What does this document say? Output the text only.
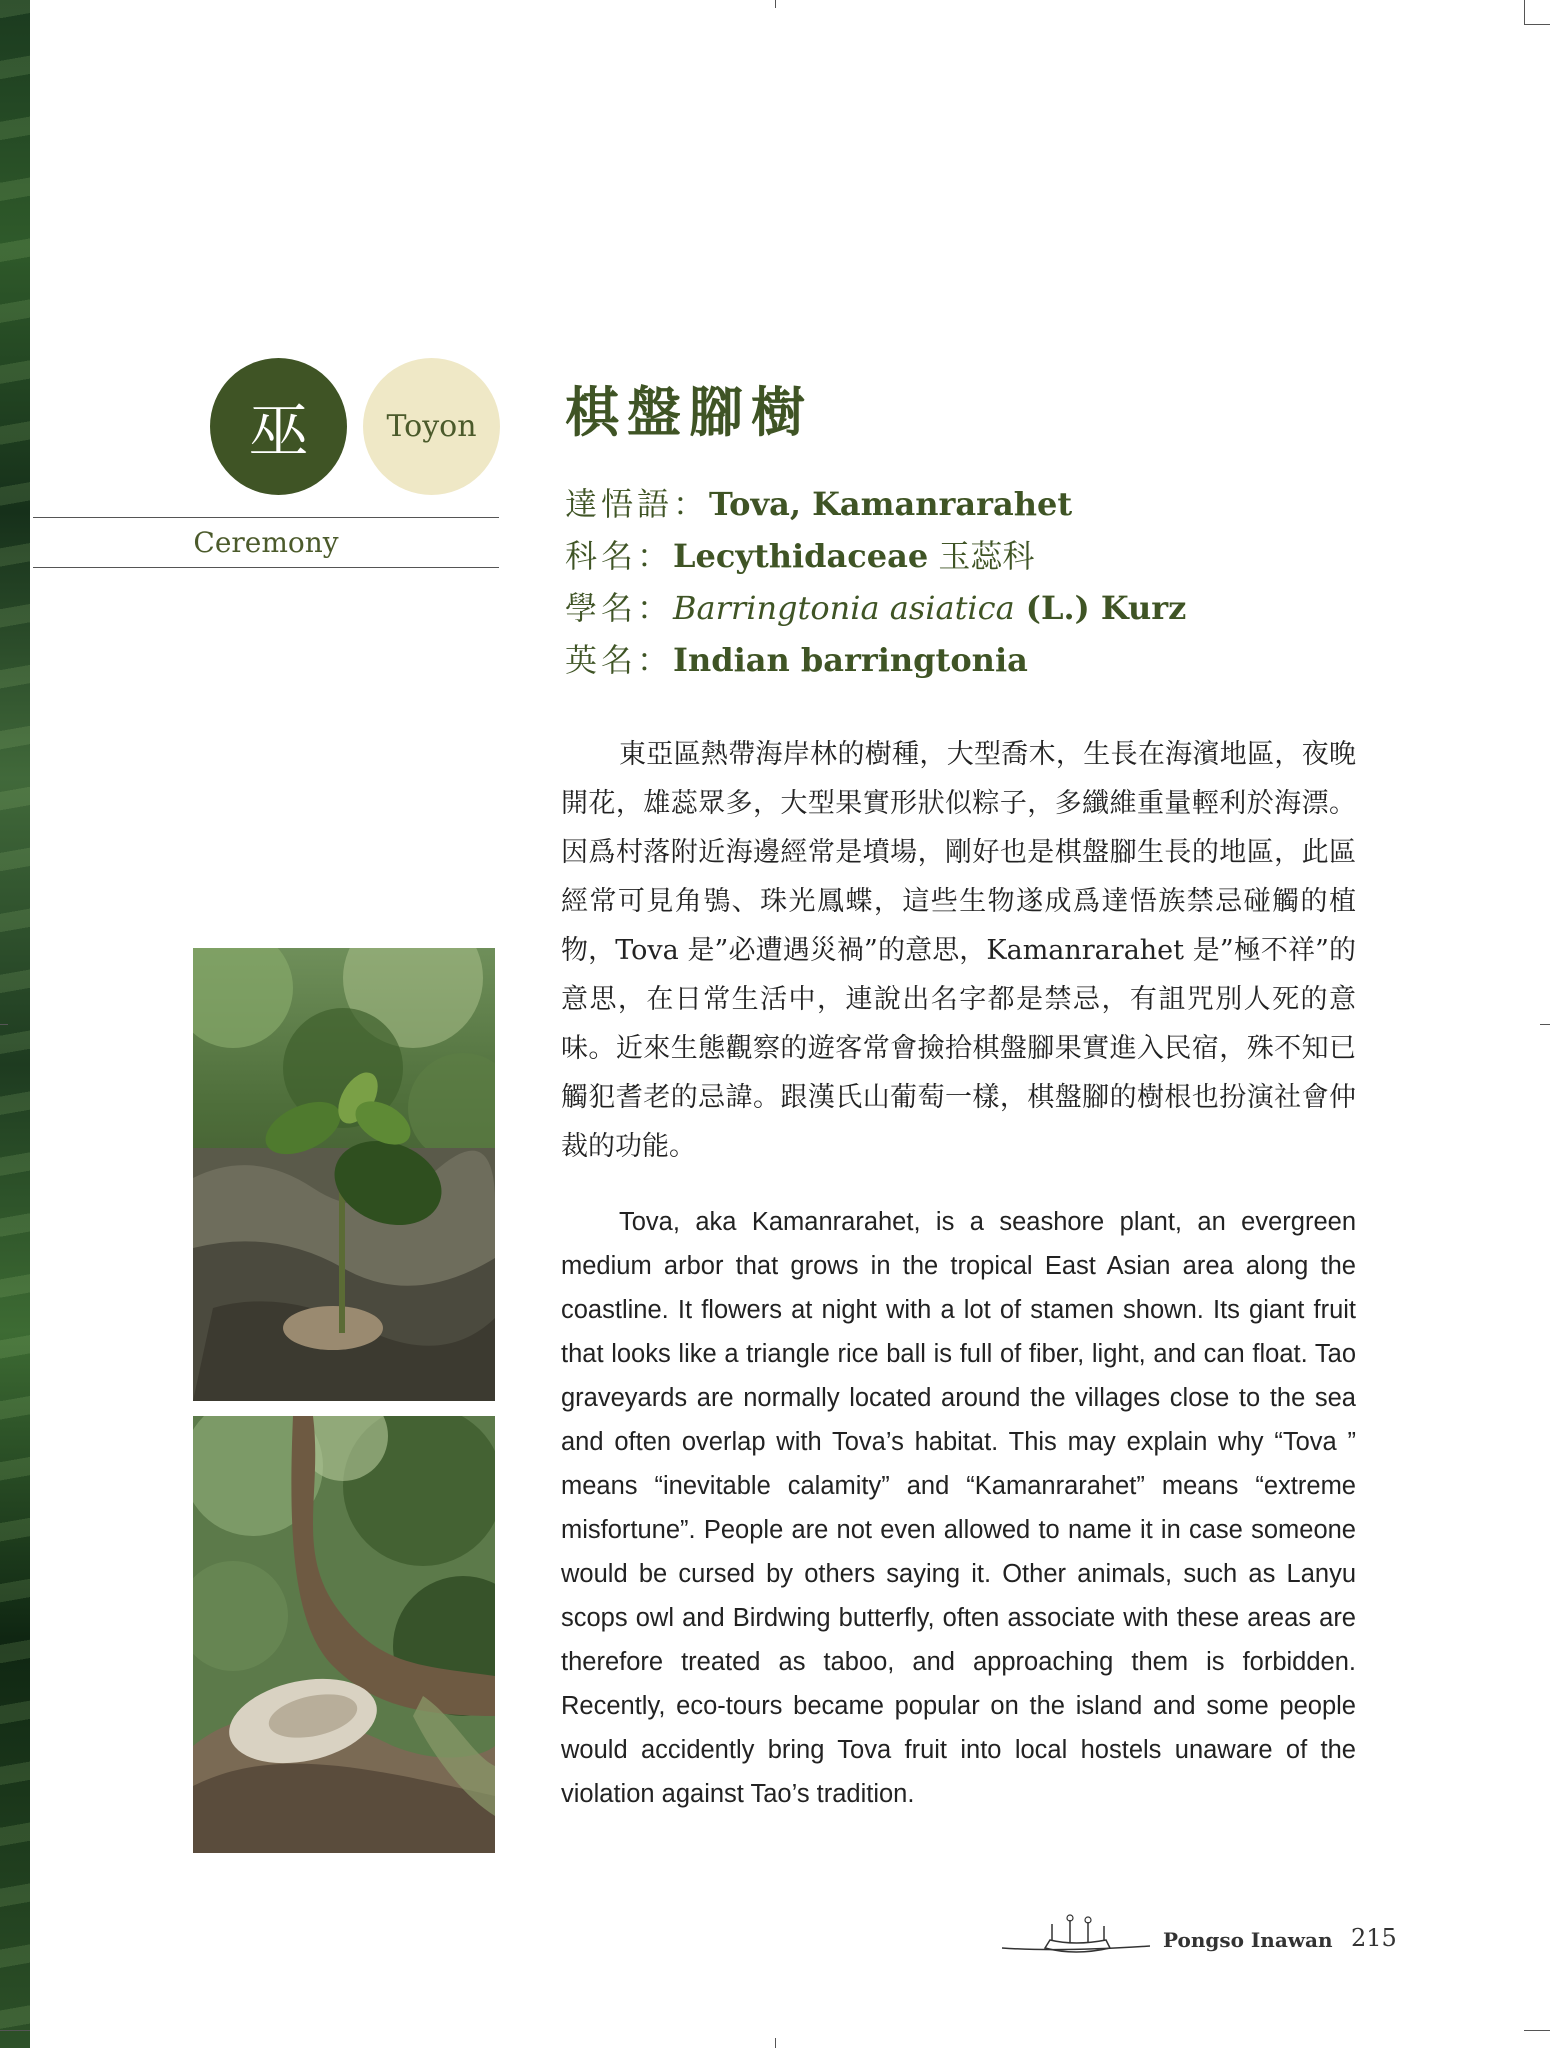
巫	Toyon
Ceremony
棋盤腳樹
達悟語：Tova, Kamanrarahet
科名：Lecythidaceae 玉蕊科
學名：Barringtonia asiatica (L.) Kurz
英名：Indian barringtonia

東亞區熱帶海岸林的樹種，大型喬木，生長在海濱地區，夜晚開花，雄蕊眾多，大型果實形狀似粽子，多纖維重量輕利於海漂。因爲村落附近海邊經常是墳場，剛好也是棋盤腳生長的地區，此區經常可見角鴞、珠光鳳蝶，這些生物遂成爲達悟族禁忌碰觸的植物，Tova 是”必遭遇災禍”的意思，Kamanrarahet 是”極不祥”的意思，在日常生活中，連說出名字都是禁忌，有詛咒別人死的意味。近來生態觀察的遊客常會撿拾棋盤腳果實進入民宿，殊不知已觸犯耆老的忌諱。跟漢氏山葡萄一樣，棋盤腳的樹根也扮演社會仲裁的功能。

Tova, aka Kamanrarahet, is a seashore plant, an evergreen medium arbor that grows in the tropical East Asian area along the coastline. It flowers at night with a lot of stamen shown. Its giant fruit that looks like a triangle rice ball is full of fiber, light, and can float. Tao graveyards are normally located around the villages close to the sea and often overlap with Tova’s habitat. This may explain why “Tova ” means “inevitable calamity” and “Kamanrarahet” means “extreme misfortune”. People are not even allowed to name it in case someone would be cursed by others saying it. Other animals, such as Lanyu scops owl and Birdwing butterfly, often associate with these areas are therefore treated as taboo, and approaching them is forbidden. Recently, eco-tours became popular on the island and some people would accidently bring Tova fruit into local hostels unaware of the violation against Tao’s tradition.

Pongso Inawan 215
